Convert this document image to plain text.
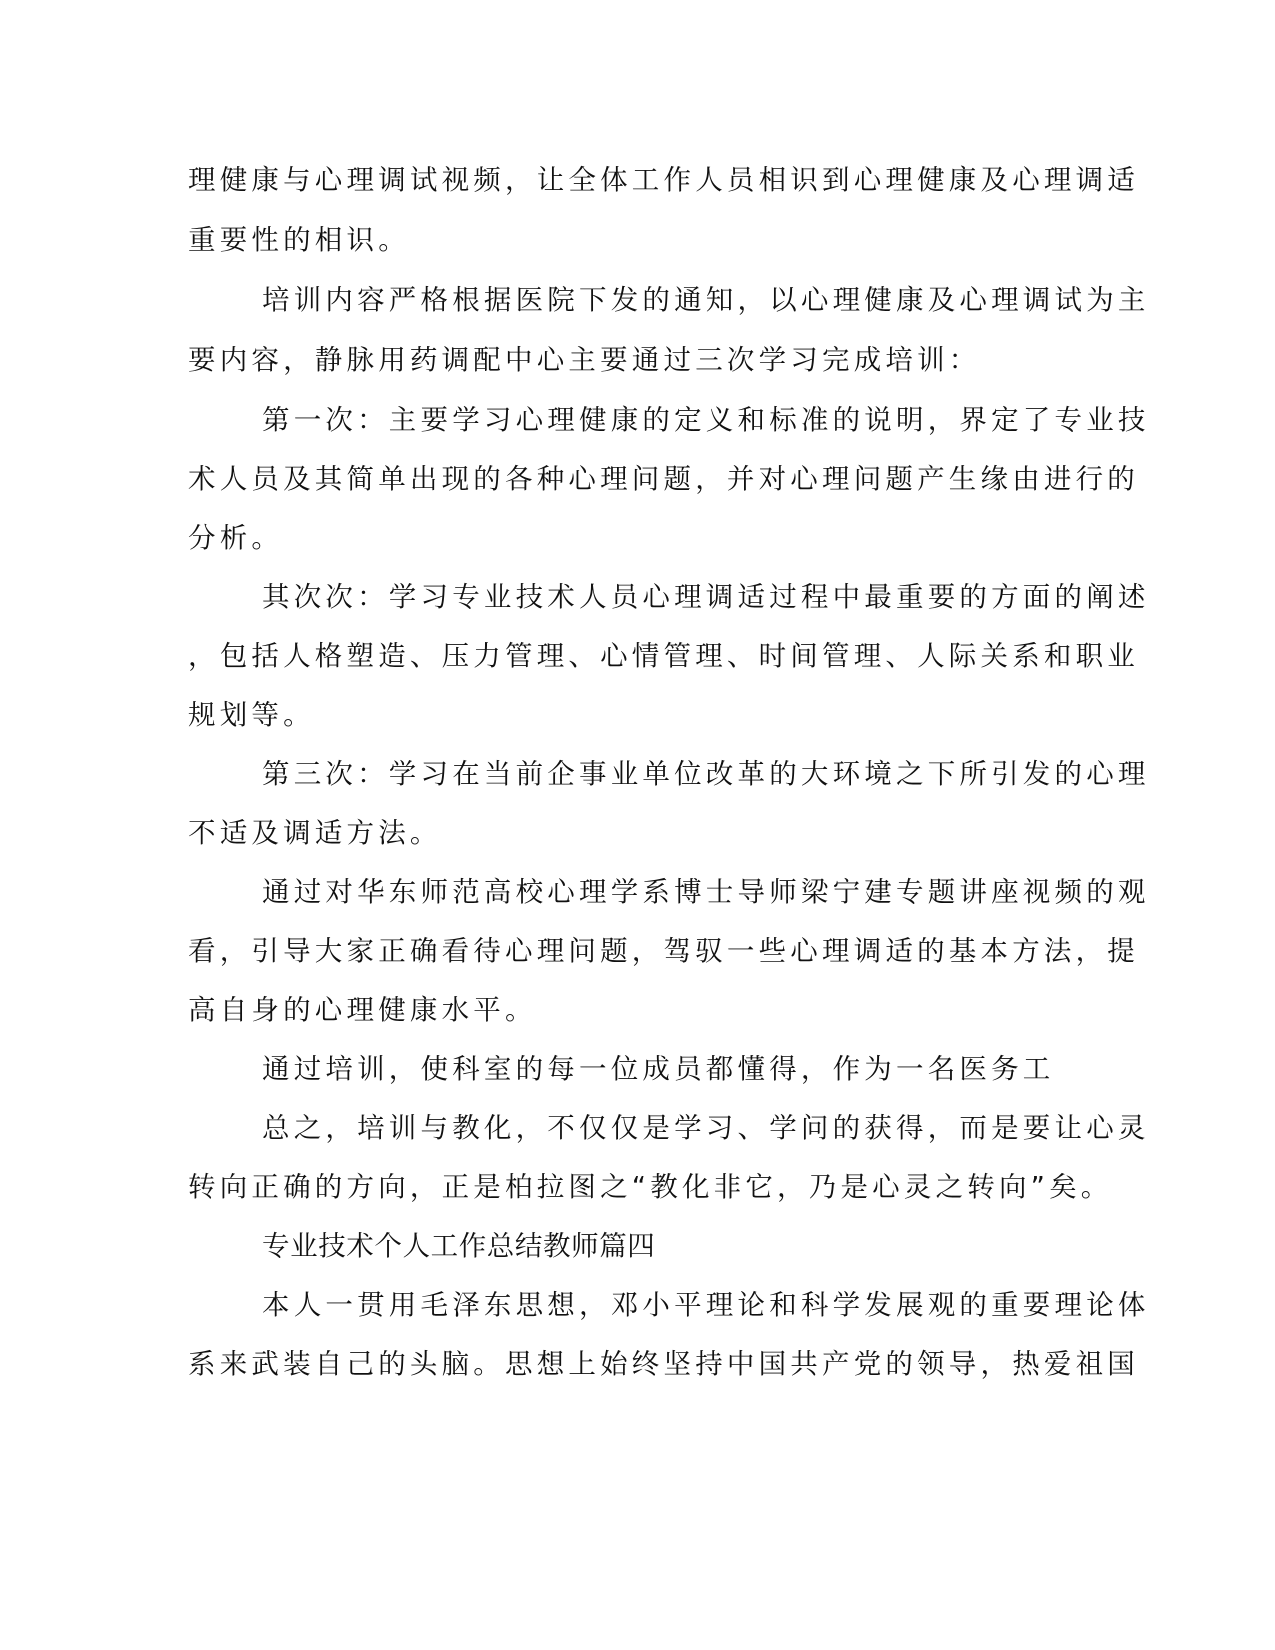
理健康与心理调试视频，让全体工作人员相识到心理健康及心理调适
重要性的相识。
培训内容严格根据医院下发的通知，以心理健康及心理调试为主
要内容，静脉用药调配中心主要通过三次学习完成培训：
第一次：主要学习心理健康的定义和标准的说明，界定了专业技
术人员及其简单出现的各种心理问题，并对心理问题产生缘由进行的
分析。
其次次：学习专业技术人员心理调适过程中最重要的方面的阐述
，包括人格塑造、压力管理、心情管理、时间管理、人际关系和职业
规划等。
第三次：学习在当前企事业单位改革的大环境之下所引发的心理
不适及调适方法。
通过对华东师范高校心理学系博士导师梁宁建专题讲座视频的观
看，引导大家正确看待心理问题，驾驭一些心理调适的基本方法，提
高自身的心理健康水平。
通过培训，使科室的每一位成员都懂得，作为一名医务工
总之，培训与教化，不仅仅是学习、学问的获得，而是要让心灵
转向正确的方向，正是柏拉图之“教化非它，乃是心灵之转向”矣。
专业技术个人工作总结教师篇四
本人一贯用毛泽东思想，邓小平理论和科学发展观的重要理论体
系来武装自己的头脑。思想上始终坚持中国共产党的领导，热爱祖国
